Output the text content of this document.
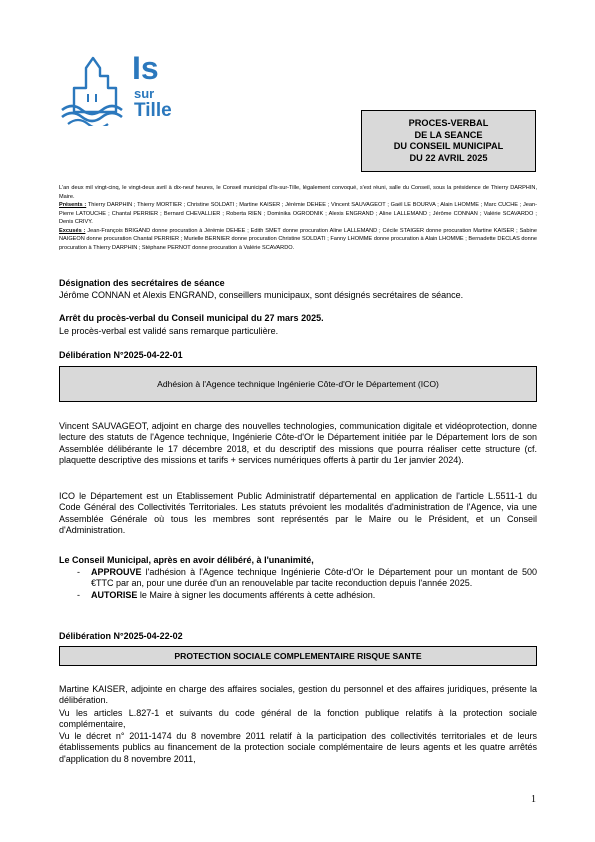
Is
sur
Tille
PROCES-VERBAL
DE LA SEANCE
DU CONSEIL MUNICIPAL
DU 22 AVRIL 2025
L'an deux mil vingt-cinq, le vingt-deux avril à dix-neuf heures, le Conseil municipal d'Is-sur-Tille, légalement convoqué, s'est réuni, salle du Conseil, sous la présidence de Thierry DARPHIN, Maire.
Présents : Thierry DARPHIN ; Thierry MORTIER ; Christine SOLDATI ; Martine KAISER ; Jérémie DEHEE ; Vincent SAUVAGEOT ; Gaël LE BOURVA ; Alain LHOMME ; Marc CUCHE ; Jean-Pierre LATOUCHE ; Chantal PERRIER ; Bernard CHEVALLIER ; Roberta RIEN ; Dominika OGRODNIK ; Alexis ENGRAND ; Aline LALLEMAND ; Jérôme CONNAN ; Valérie SCAVARDO ; Denis CRIVY.
Excusés : Jean-François BRIGAND donne procuration à Jérémie DEHEE ; Edith SMET donne procuration Aline LALLEMAND ; Cécile STAIGER donne procuration Martine KAISER ; Sabine NAIGEON donne procuration Chantal PERRIER ; Murielle BERNIER donne procuration Christine SOLDATI ; Fanny LHOMME donne procuration à Alain LHOMME ; Bernadette DECLAS donne procuration à Thierry DARPHIN ; Stéphane PERNOT donne procuration à Valérie SCAVARDO.
Désignation des secrétaires de séance
Jérôme CONNAN et Alexis ENGRAND, conseillers municipaux, sont désignés secrétaires de séance.
Arrêt du procès-verbal du Conseil municipal du 27 mars 2025.
Le procès-verbal est validé sans remarque particulière.
Délibération N°2025-04-22-01
Adhésion à l'Agence technique Ingénierie Côte-d'Or le Département (ICO)
Vincent SAUVAGEOT, adjoint en charge des nouvelles technologies, communication digitale et vidéoprotection, donne lecture des statuts de l'Agence technique, Ingénierie Côte-d'Or le Département initiée par le Département lors de son Assemblée délibérante le 17 décembre 2018, et du descriptif des missions que pourra réaliser cette structure (cf. plaquette descriptive des missions et tarifs + services numériques offerts à partir du 1er janvier 2024).
ICO le Département est un Etablissement Public Administratif départemental en application de l'article L.5511-1 du Code Général des Collectivités Territoriales. Les statuts prévoient les modalités d'administration de l'Agence, via une Assemblée Générale où tous les membres sont représentés par le Maire ou le Président, et un Conseil d'Administration.
Le Conseil Municipal, après en avoir délibéré, à l'unanimité,
- APPROUVE l'adhésion à l'Agence technique Ingénierie Côte-d'Or le Département pour un montant de 500 €TTC par an, pour une durée d'un an renouvelable par tacite reconduction depuis l'année 2025.
- AUTORISE le Maire à signer les documents afférents à cette adhésion.
Délibération N°2025-04-22-02
PROTECTION SOCIALE COMPLEMENTAIRE RISQUE SANTE
Martine KAISER, adjointe en charge des affaires sociales, gestion du personnel et des affaires juridiques, présente la délibération.
Vu les articles L.827-1 et suivants du code général de la fonction publique relatifs à la protection sociale complémentaire,
Vu le décret n° 2011-1474 du 8 novembre 2011 relatif à la participation des collectivités territoriales et de leurs établissements publics au financement de la protection sociale complémentaire de leurs agents et les quatre arrêtés d'application du 8 novembre 2011,
1
